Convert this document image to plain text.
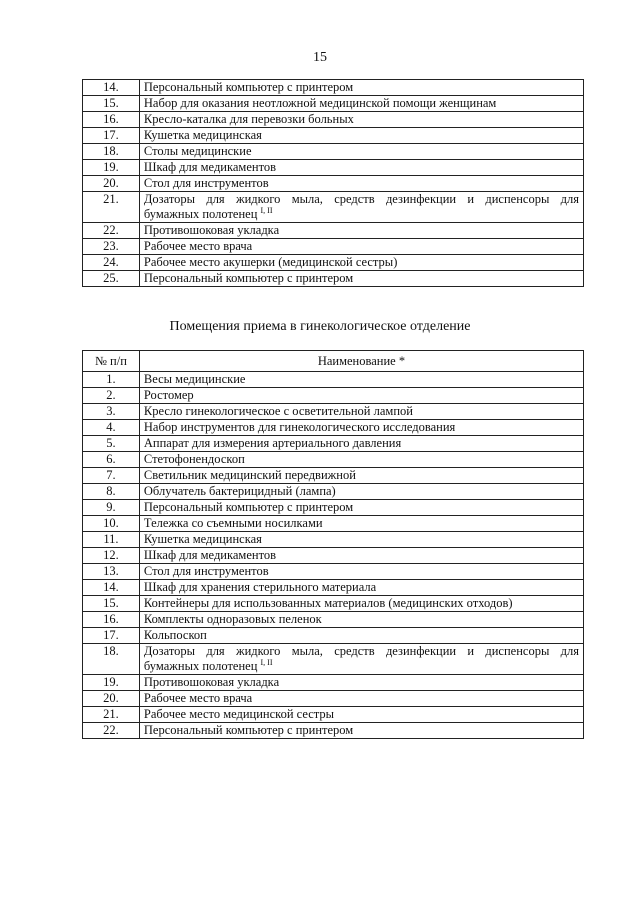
15
14.	Персональный компьютер с принтером
15.	Набор для оказания неотложной медицинской помощи женщинам
16.	Кресло-каталка для перевозки больных
17.	Кушетка медицинская
18.	Столы медицинские
19.	Шкаф для медикаментов
20.	Стол для инструментов
21.	Дозаторы для жидкого мыла, средств дезинфекции и диспенсоры для
бумажных полотенец $^{I, II}$

22.	Противошоковая укладка
23.	Рабочее место врача
24.	Рабочее место акушерки (медицинской сестры)
25.	Персональный компьютер с принтером
Помещения приема в гинекологическое отделение
№ п/п	Наименование *
1.	Весы медицинские
2.	Ростомер
3.	Кресло гинекологическое с осветительной лампой
4.	Набор инструментов для гинекологического исследования
5.	Аппарат для измерения артериального давления
6.	Стетофонендоскоп
7.	Светильник медицинский передвижной
8.	Облучатель бактерицидный (лампа)
9.	Персональный компьютер с принтером
10.	Тележка со съемными носилками
11.	Кушетка медицинская
12.	Шкаф для медикаментов
13.	Стол для инструментов
14.	Шкаф для хранения стерильного материала
15.	Контейнеры для использованных материалов (медицинских отходов)
16.	Комплекты одноразовых пеленок
17.	Кольпоскоп
18.	Дозаторы для жидкого мыла, средств дезинфекции и диспенсоры для
бумажных полотенец $^{I, II}$

19.	Противошоковая укладка
20.	Рабочее место врача
21.	Рабочее место медицинской сестры
22.	Персональный компьютер с принтером
